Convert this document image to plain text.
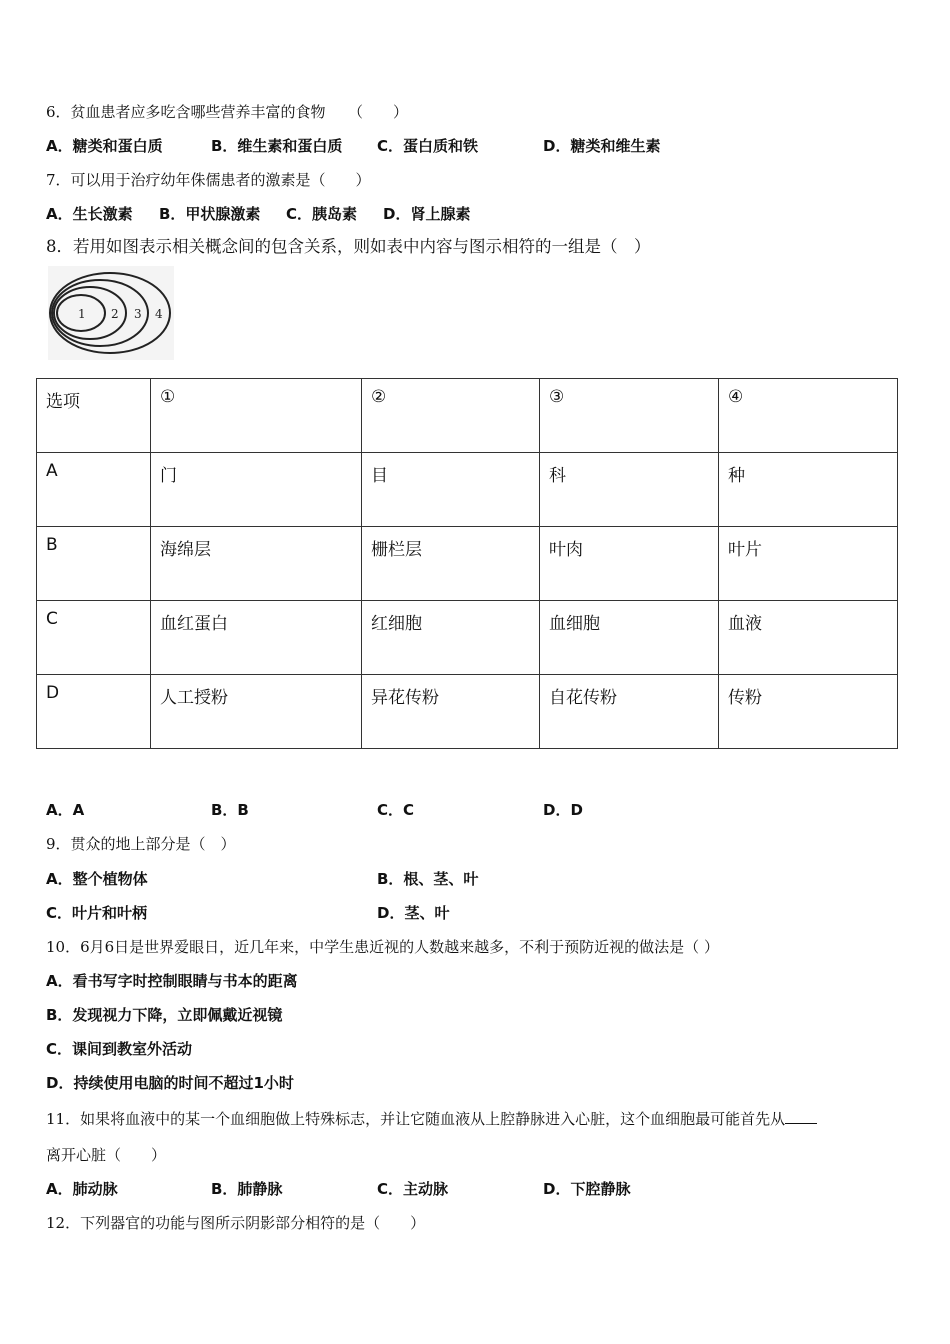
6．贫血患者应多吃含哪些营养丰富的食物　　（　　）
A．糖类和蛋白质	B．维生素和蛋白质 C．蛋白质和铁	D．糖类和维生素
7．可以用于治疗幼年侏儒患者的激素是（　　）
A．生长激素 B．甲状腺激素 C．胰岛素 D．肾上腺素
8．若用如图表示相关概念间的包含关系，则如表中内容与图示相符的一组是（　）
1 2 3 4
选项	①	②	③	④
A	门	目	科	种
B	海绵层	栅栏层	叶肉	叶片
C	血红蛋白	红细胞	血细胞	血液
D	人工授粉	异花传粉	自花传粉	传粉
A．A	B．B	C．C	D．D
9．贯众的地上部分是（　）
A．整个植物体	B．根、茎、叶
C．叶片和叶柄	D．茎、叶
10．6月6日是世界爱眼日，近几年来，中学生患近视的人数越来越多，不利于预防近视的做法是（ ）
A．看书写字时控制眼睛与书本的距离
B．发现视力下降，立即佩戴近视镜
C．课间到教室外活动
D．持续使用电脑的时间不超过1小时
11．如果将血液中的某一个血细胞做上特殊标志，并让它随血液从上腔静脉进入心脏，这个血细胞最可能首先从
离开心脏（　　）
A．肺动脉	B．肺静脉	C．主动脉	D．下腔静脉
12．下列器官的功能与图所示阴影部分相符的是（　　）
